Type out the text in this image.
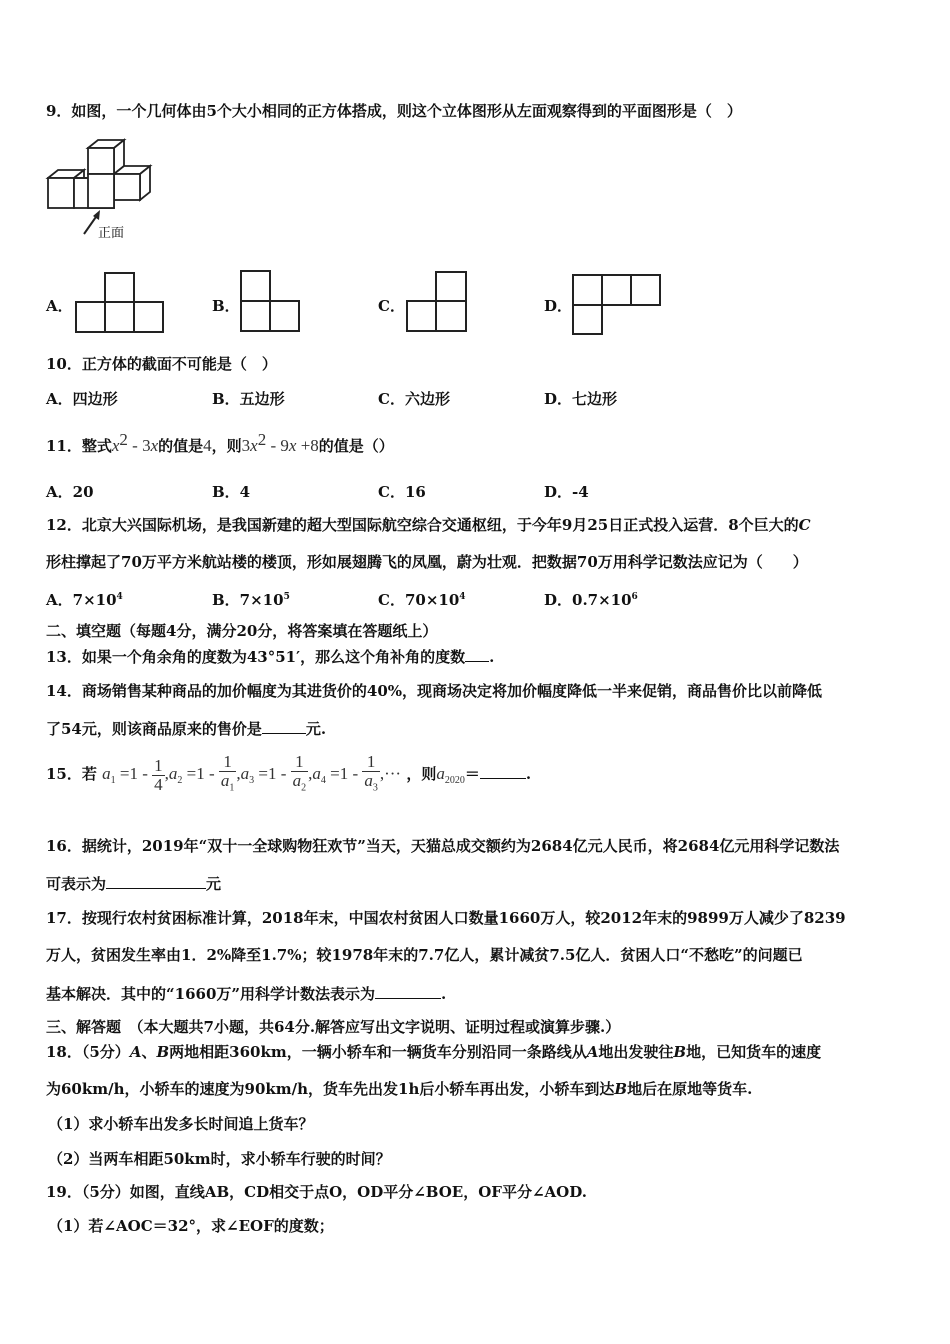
9．如图，一个几何体由5个大小相同的正方体搭成，则这个立体图形从左面观察得到的平面图形是（　）
正面
A．	B．	C．	D．
10．正方体的截面不可能是（　）
A．四边形	B．五边形	C．六边形	D．七边形
11．整式$x^2 - 3x$的值是4，则$3x^2 - 9x +8$的值是（）
A．20	B．4	C．16	D．-4
12．北京大兴国际机场，是我国新建的超大型国际航空综合交通枢纽，于今年9月25日正式投入运营．8个巨大的C
形柱撑起了70万平方米航站楼的楼顶，形如展翅腾飞的凤凰，蔚为壮观．把数据70万用科学记数法应记为（　　）
A．$7\times 10^4$	B．$7\times 10^5$	C．$70\times 10^4$	D．$0.7\times 10^6$
二、填空题（每题4分，满分20分，将答案填在答题纸上）
13．如果一个角余角的度数为43°51′，那么这个角补角的度数 .
14．商场销售某种商品的加价幅度为其进货价的40%，现商场决定将加价幅度降低一半来促销，商品售价比以前降低
了54元，则该商品原来的售价是	元.
15．若 $a_1 =1 - \frac{1}{4} ,a_2 =1 - \frac{1}{a_1} ,a_3 =1 - \frac{1}{a_2} ,a_4 =1 - \frac{1}{a_3}$ ,··· ，则$a_{2020}=$	.
16．据统计，2019年“双十一全球购物狂欢节”当天，天猫总成交额约为2684亿元人民币，将2684亿元用科学记数法
可表示为	元
17．按现行农村贫困标准计算，2018年末，中国农村贫困人口数量1660万人，较2012年末的9899万人减少了8239
万人，贫困发生率由1．2%降至1.7%；较1978年末的7.7亿人，累计减贫7.5亿人．贫困人口“不愁吃”的问题已
基本解决．其中的“1660万”用科学计数法表示为	.
三、解答题　（本大题共7小题，共64分.解答应写出文字说明、证明过程或演算步骤.）
18．（5分）A、B两地相距360km，一辆小轿车和一辆货车分别沿同一条路线从A地出发驶往B地，已知货车的速度
为60km/h，小轿车的速度为90km/h，货车先出发1h后小轿车再出发，小轿车到达B地后在原地等货车.
（1）求小轿车出发多长时间追上货车？
（2）当两车相距50km时，求小轿车行驶的时间？
19．（5分）如图，直线AB，CD相交于点O，OD平分∠BOE，OF平分∠AOD.
（1）若∠AOC＝32°，求∠EOF的度数；
